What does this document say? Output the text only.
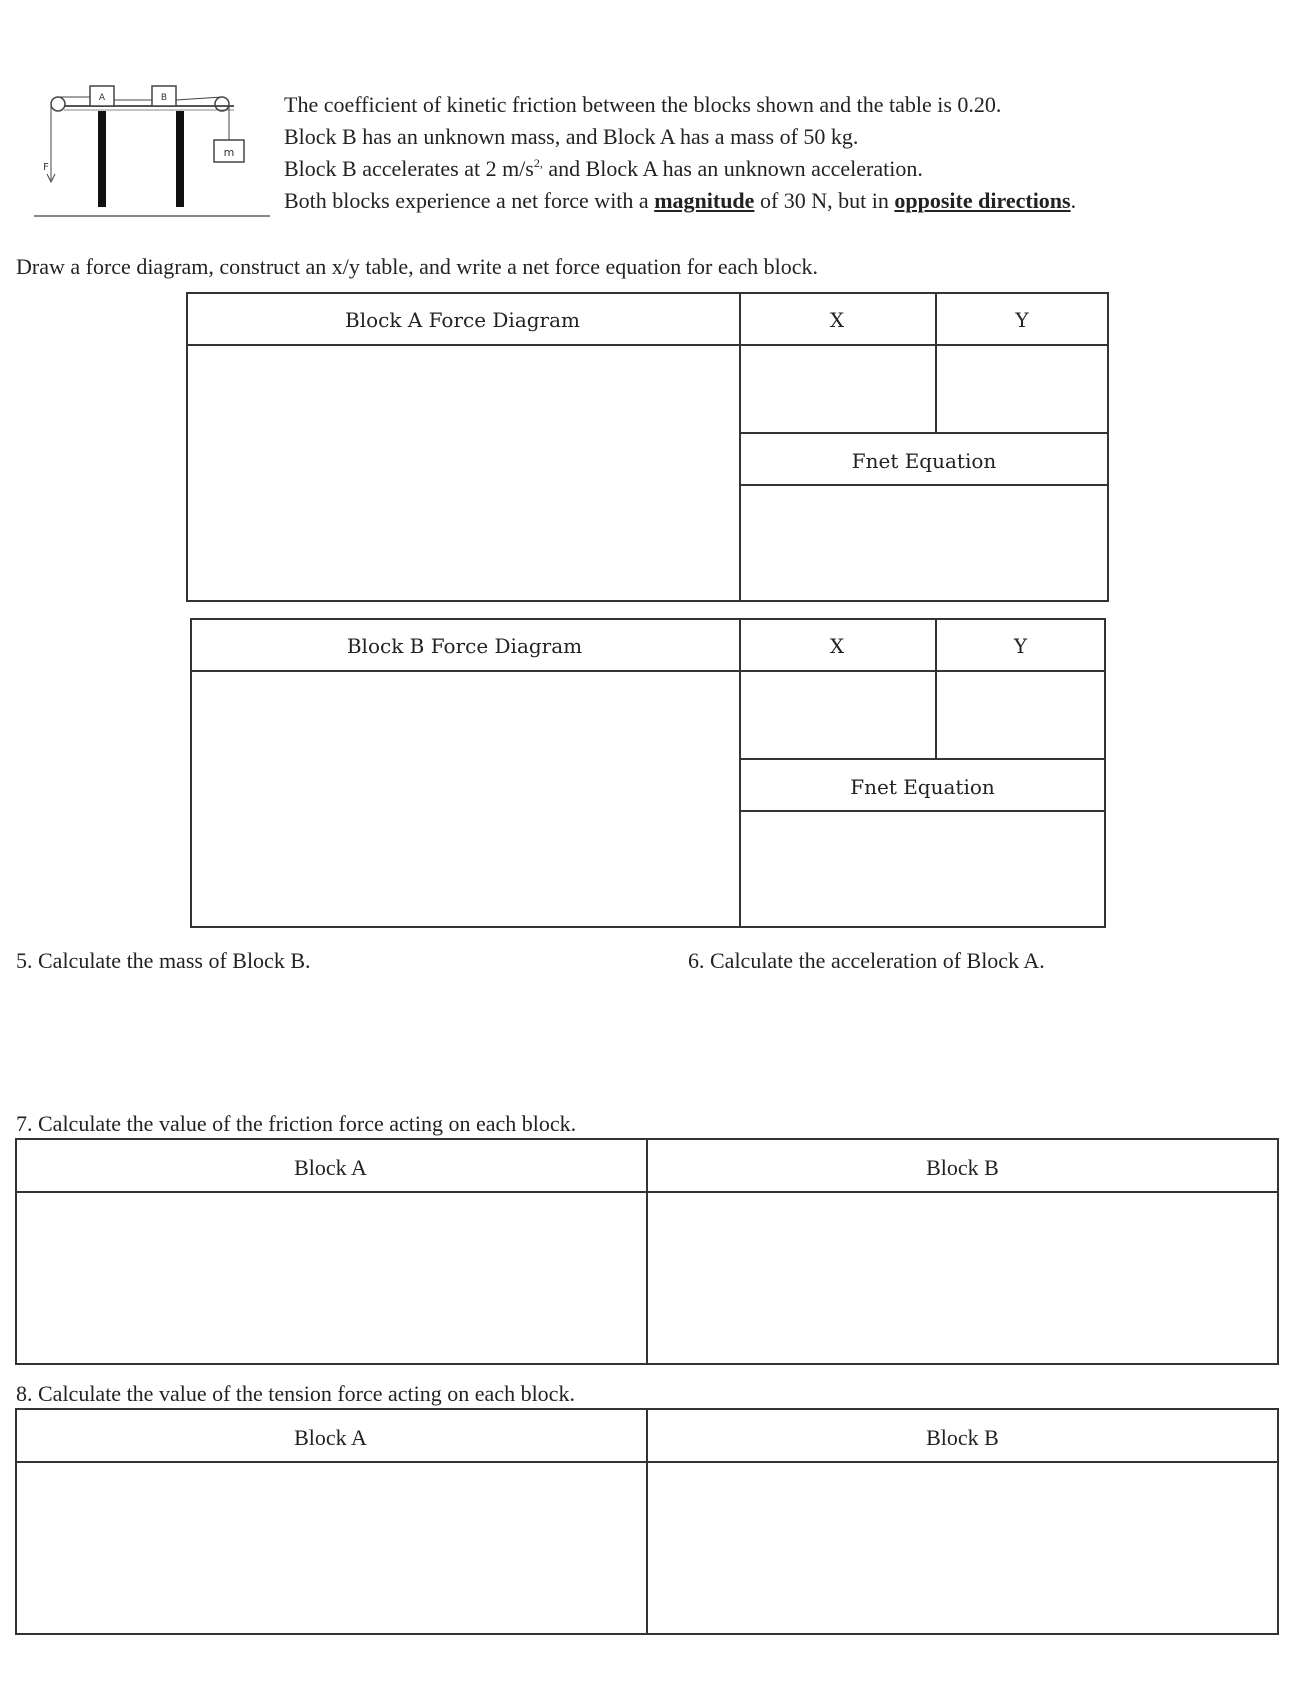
A	B
m
F
The coefficient of kinetic friction between the blocks shown and the table is 0.20.
Block B has an unknown mass, and Block A has a mass of 50 kg.
Block B accelerates at 2 $m/s^{2,}$ and Block A has an unknown acceleration.
Both blocks experience a net force with a magnitude of 30 N, but in opposite directions.
Draw a force diagram, construct an x/y table, and write a net force equation for each block.
Block A Force Diagram	X	Y
Fnet Equation
Block B Force Diagram	X	Y
Fnet Equation
5. Calculate the mass of Block B.	6. Calculate the acceleration of Block A.
7. Calculate the value of the friction force acting on each block.
Block A	Block B
8. Calculate the value of the tension force acting on each block.
Block A	Block B
